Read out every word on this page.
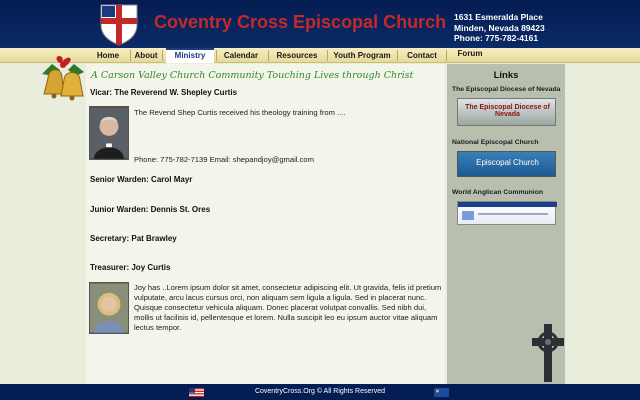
Coventry Cross Episcopal Church 1631 Esmeralda Place
Minden, Nevada 89423
Phone: 775-782-4161
Home	About	Ministry	Calendar	Resources	Youth Program	Contact	Forum
A Carson Valley Church Community Touching Lives through Christ
Vicar: The Reverend W. Shepley Curtis
The Revend Shep Curtis received his theology training from ....
Phone: 775-782-7139 Email: shepandjoy@gmail.com
Senior Warden: Carol Mayr
Junior Warden: Dennis St. Ores
Secretary: Pat Brawley
Treasurer: Joy Curtis
Joy has ..Lorem ipsum dolor sit amet, consectetur adipiscing elit. Ut gravida, felis id pretium vulputate, arcu lacus cursus orci, non aliquam sem ligula a ligula. Sed in placerat nunc. Quisque consectetur vehicula aliquam. Donec placerat volutpat convallis. Sed nibh dui, mollis ut facilisis id, pellentesque et lorem. Nulla suscipit leo eu ipsum auctor vitae aliquam lectus tempor.
Links
The Episcopal Diocese of Nevada
The Episcopal Diocese of Nevada
National Episcopal Church
Episcopal Church
World Anglican Communion
CoventryCross.Org © All Rights Reserved
